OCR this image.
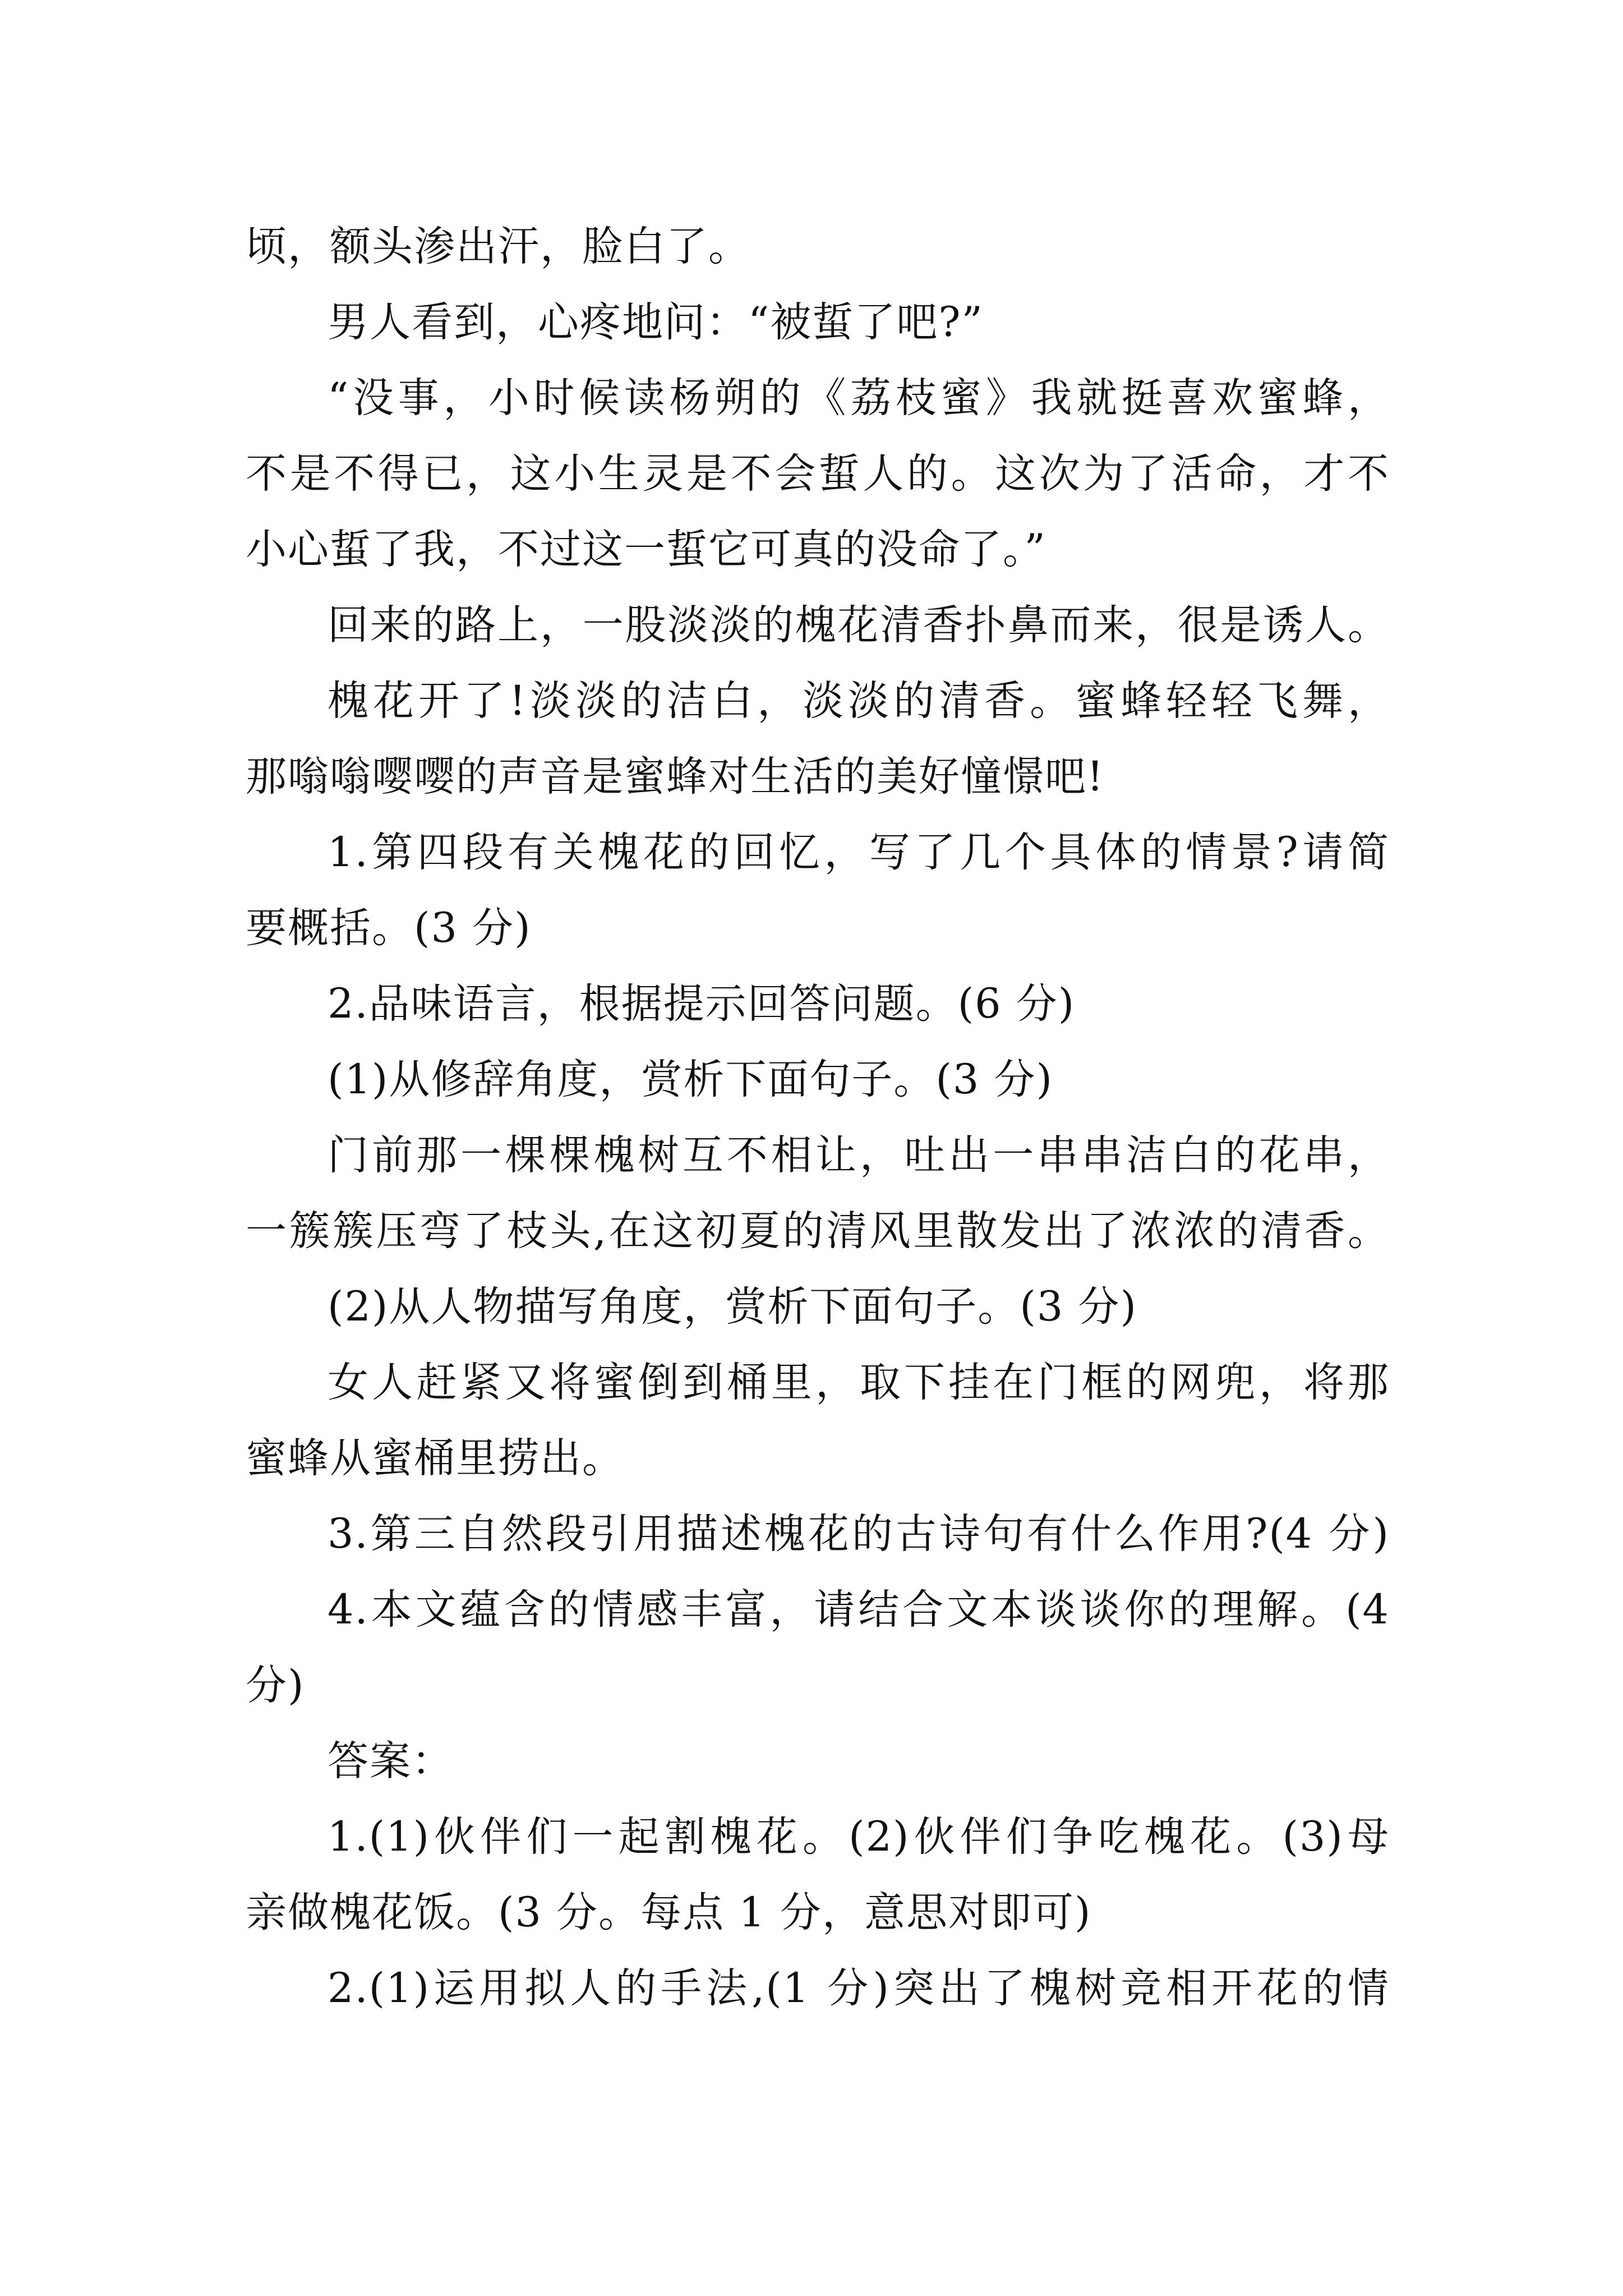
顷，额头渗出汗，脸白了。
男人看到，心疼地问：“被蜇了吧?”
“没事，小时候读杨朔的《荔枝蜜》我就挺喜欢蜜蜂，
不是不得已，这小生灵是不会蜇人的。这次为了活命，才不
小心蜇了我，不过这一蜇它可真的没命了。”
回来的路上，一股淡淡的槐花清香扑鼻而来，很是诱人。
槐花开了!淡淡的洁白，淡淡的清香。蜜蜂轻轻飞舞，
那嗡嗡嘤嘤的声音是蜜蜂对生活的美好憧憬吧!
1.第四段有关槐花的回忆，写了几个具体的情景?请简
要概括。(3 分)
2.品味语言，根据提示回答问题。(6 分)
(1)从修辞角度，赏析下面句子。(3 分)
门前那一棵棵槐树互不相让，吐出一串串洁白的花串，
一簇簇压弯了枝头,在这初夏的清风里散发出了浓浓的清香。
(2)从人物描写角度，赏析下面句子。(3 分)
女人赶紧又将蜜倒到桶里，取下挂在门框的网兜，将那
蜜蜂从蜜桶里捞出。
3.第三自然段引用描述槐花的古诗句有什么作用?(4 分)
4.本文蕴含的情感丰富，请结合文本谈谈你的理解。(4
分)
答案：
1.(1)伙伴们一起割槐花。(2)伙伴们争吃槐花。(3)母
亲做槐花饭。(3 分。每点 1 分，意思对即可)
2.(1)运用拟人的手法,(1 分)突出了槐树竞相开花的情
